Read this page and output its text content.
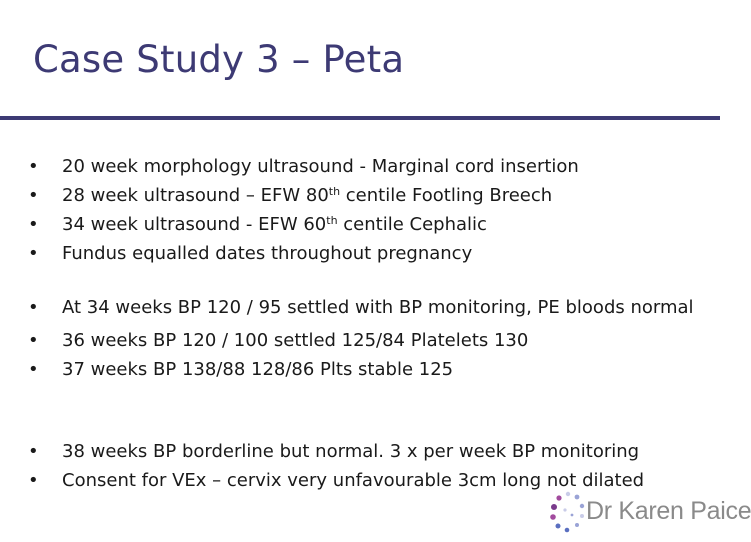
Case Study 3 – Peta
• 20 week morphology ultrasound - Marginal cord insertion
• 28 week ultrasound – EFW 80th centile Footling Breech
• 34 week ultrasound - EFW 60th centile Cephalic
• Fundus equalled dates throughout pregnancy
• At 34 weeks BP 120 / 95 settled with BP monitoring, PE bloods normal
• 36 weeks BP 120 / 100 settled 125/84 Platelets 130
• 37 weeks BP 138/88 128/86 Plts stable 125
• 38 weeks BP borderline but normal. 3 x per week BP monitoring
• Consent for VEx – cervix very unfavourable 3cm long not dilated
Dr Karen Paice
